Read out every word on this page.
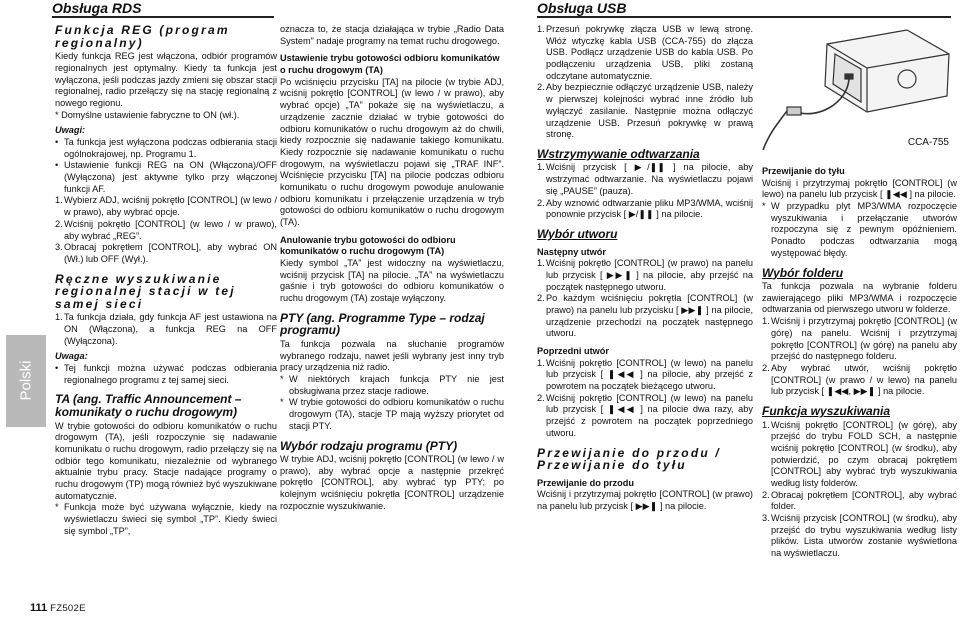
Obsługa RDS	Obsługa USB
Polski
111 FZ502E
Funkcja REG (program regionalny)
Kiedy funkcja REG jest włączona, odbiór programów regionalnych jest optymalny. Kiedy ta funkcja jest wyłączona, jeśli podczas jazdy zmieni się obszar stacji regionalnej, radio przełączy się na stację regionalną z nowego regionu.
* Domyślne ustawienie fabryczne to ON (wł.).
Uwagi:
• Ta funkcja jest wyłączona podczas odbierania stacji ogólnokrajowej, np. Programu 1.
• Ustawienie funkcji REG na ON (Włączona)/OFF (Wyłączona) jest aktywne tylko przy włączonej funkcji AF.
1. Wybierz ADJ, wciśnij pokrętło [CONTROL] (w lewo / w prawo), aby wybrać opcje.
2. Wciśnij pokrętło [CONTROL] (w lewo / w prawo), aby wybrać „REG”.
3. Obracaj pokrętłem [CONTROL], aby wybrać ON (Wł.) lub OFF (Wył.).
Ręczne wyszukiwanie regionalnej stacji w tej samej sieci
1. Ta funkcja działa, gdy funkcja AF jest ustawiona na ON (Włączona), a funkcja REG na OFF (Wyłączona).
Uwaga:
• Tej funkcji można używać podczas odbierania regionalnego programu z tej samej sieci.
TA (ang. Traffic Announcement – komunikaty o ruchu drogowym)
W trybie gotowości do odbioru komunikatów o ruchu drogowym (TA), jeśli rozpoczynie się nadawanie komunikatu o ruchu drogowym, radio przełączy się na odbiór tego komunikatu, niezależnie od wybranego aktualnie trybu pracy. Stacje nadające programy o ruchu drogowym (TP) mogą również być wyszukiwane automatycznie.
* Funkcja może być używana wyłącznie, kiedy na wyświetlaczu świeci się symbol „TP”. Kiedy świeci się symbol „TP”,
oznacza to, że stacja działająca w trybie „Radio Data System” nadaje programy na temat ruchu drogowego.
Ustawienie trybu gotowości odbioru komunikatów o ruchu drogowym (TA)
Po wciśnięciu przycisku [TA] na pilocie (w trybie ADJ, wciśnij pokrętło [CONTROL] (w lewo / w prawo), aby wybrać opcje) „TA” pokaże się na wyświetlaczu, a urządzenie zacznie działać w trybie gotowości do odbioru komunikatów o ruchu drogowym aż do chwili, kiedy rozpocznie się nadawanie takiego komunikatu. Kiedy rozpocznie się nadawanie komunikatu o ruchu drogowym, na wyświetlaczu pojawi się „TRAF INF”. Wciśnięcie przycisku [TA] na pilocie podczas odbioru komunikatu o ruchu drogowym powoduje anulowanie odbioru komunikatu i przełączenie urządzenia w tryb gotowości do odbioru komunikatów o ruchu drogowym (TA).
Anulowanie trybu gotowości do odbioru komunikatów o ruchu drogowym (TA)
Kiedy symbol „TA” jest widoczny na wyświetlaczu, wciśnij przycisk [TA] na pilocie. „TA” na wyświetlaczu gaśnie i tryb gotowości do odbioru komunikatów o ruchu drogowym (TA) zostaje wyłączony.
PTY (ang. Programme Type – rodzaj programu)
Ta funkcja pozwala na słuchanie programów wybranego rodzaju, nawet jeśli wybrany jest inny tryb pracy urządzenia niż radio.
* W niektórych krajach funkcja PTY nie jest obsługiwana przez stacje radiowe.
* W trybie gotowości do odbioru komunikatów o ruchu drogowym (TA), stacje TP mają wyższy priorytet od stacji PTY.
Wybór rodzaju programu (PTY)
W trybie ADJ, wciśnij pokrętło [CONTROL] (w lewo / w prawo), aby wybrać opcje a następnie przekręć pokrętło [CONTROL], aby wybrać typ PTY; po kolejnym wciśnięciu pokrętła [CONTROL] urządzenie rozpocznie wyszukiwanie.
1. Przesuń pokrywkę złącza USB w lewą stronę. Włóż wtyczkę kabla USB (CCA-755) do złącza USB. Podłącz urządzenie USB do kabla USB. Po podłączeniu urządzenia USB, pliki zostaną odczytane automatycznie.
2. Aby bezpiecznie odłączyć urządzenie USB, należy w pierwszej kolejności wybrać inne źródło lub wyłączyć zasilanie. Następnie można odłączyć urządzenie USB. Przesuń pokrywkę w prawą stronę.
Wstrzymywanie odtwarzania
1. Wciśnij przycisk [ ▶/❚❚ ] na pilocie, aby wstrzymać odtwarzanie. Na wyświetlaczu pojawi się „PAUSE” (pauza).
2. Aby wznowić odtwarzanie pliku MP3/WMA, wciśnij ponownie przycisk [ ▶/❚❚ ] na pilocie.
Wybór utworu
Następny utwór
1. Wciśnij pokrętło [CONTROL] (w prawo) na panelu lub przycisk [ ▶▶❚ ] na pilocie, aby przejść na początek następnego utworu.
2. Po każdym wciśnięciu pokrętła [CONTROL] (w prawo) na panelu lub przycisku [ ▶▶❚ ] na pilocie, urządzenie przechodzi na początek następnego utworu.
Poprzedni utwór
1. Wciśnij pokrętło [CONTROL] (w lewo) na panelu lub przycisk [ ❚◀◀ ] na pilocie, aby przejść z powrotem na początek bieżącego utworu.
2. Wciśnij pokrętło [CONTROL] (w lewo) na panelu lub przycisk [ ❚◀◀ ] na pilocie dwa razy, aby przejść z powrotem na początek poprzedniego utworu.
Przewijanie do przodu / Przewijanie do tyłu
Przewijanie do przodu
Wciśnij i przytrzymaj pokrętło [CONTROL] (w prawo) na panelu lub przycisk [ ▶▶❚ ] na pilocie.
CCA-755
Przewijanie do tyłu
Wciśnij i przytrzymaj pokrętło [CONTROL] (w lewo) na panelu lub przycisk [ ❚◀◀ ] na pilocie.
* W przypadku plyt MP3/WMA rozpoczęcie wyszukiwania i przełączanie utworów rozpoczyna się z pewnym opóźnieniem. Ponadto podczas odtwarzania mogą występować błędy.
Wybór folderu
Ta funkcja pozwala na wybranie folderu zawierającego pliki MP3/WMA i rozpoczęcie odtwarzania od pierwszego utworu w folderze.
1. Wciśnij i przytrzymaj pokrętło [CONTROL] (w górę) na panelu. Wciśnij i przytrzymaj pokrętło [CONTROL] (w górę) na panelu aby przejść do następnego folderu.
2. Aby wybrać utwór, wciśnij pokrętło [CONTROL] (w prawo / w lewo) na panelu lub przycisk [ ❚◀◀, ▶▶❚ ] na pilocie.
Funkcja wyszukiwania
1. Wciśnij pokrętło [CONTROL] (w górę), aby przejść do trybu FOLD SCH, a następnie wciśnij pokrętło [CONTROL] (w środku), aby potwierdzić, po czym obracaj pokrętłem [CONTROL] aby wybrać tryb wyszukiwania według listy folderów.
2. Obracaj pokrętłem [CONTROL], aby wybrać folder.
3. Wciśnij przycisk [CONTROL] (w środku), aby przejść do trybu wyszukiwania według listy plików. Lista utworów zostanie wyświetlona na wyświetlaczu.
